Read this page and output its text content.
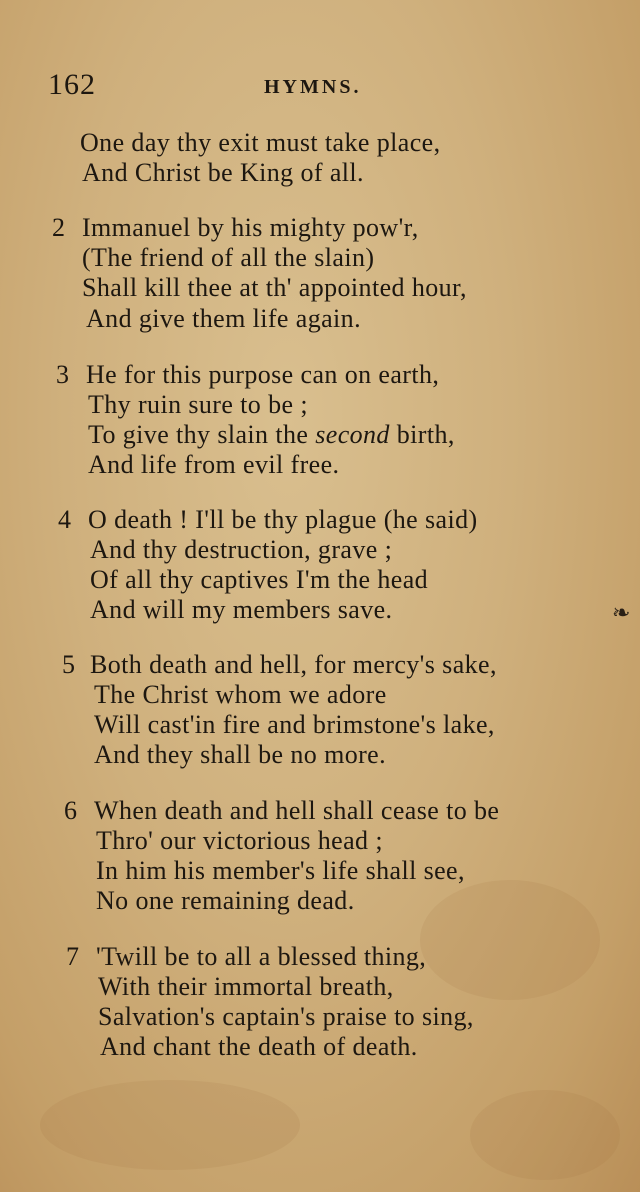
162	HYMNS.
One day thy exit must take place,
And Christ be King of all.
2 Immanuel by his mighty pow'r,
(The friend of all the slain)
Shall kill thee at th' appointed hour,
And give them life again.
3 He for this purpose can on earth,
Thy ruin sure to be ;
To give thy slain the second birth,
And life from evil free.
4 O death ! I'll be thy plague (he said)
And thy destruction, grave ;
Of all thy captives I'm the head
And will my members save.	❧
5 Both death and hell, for mercy's sake,
The Christ whom we adore
Will cast'in fire and brimstone's lake,
And they shall be no more.
6 When death and hell shall cease to be
Thro' our victorious head ;
In him his member's life shall see,
No one remaining dead.
7 'Twill be to all a blessed thing,
With their immortal breath,
Salvation's captain's praise to sing,
And chant the death of death.
